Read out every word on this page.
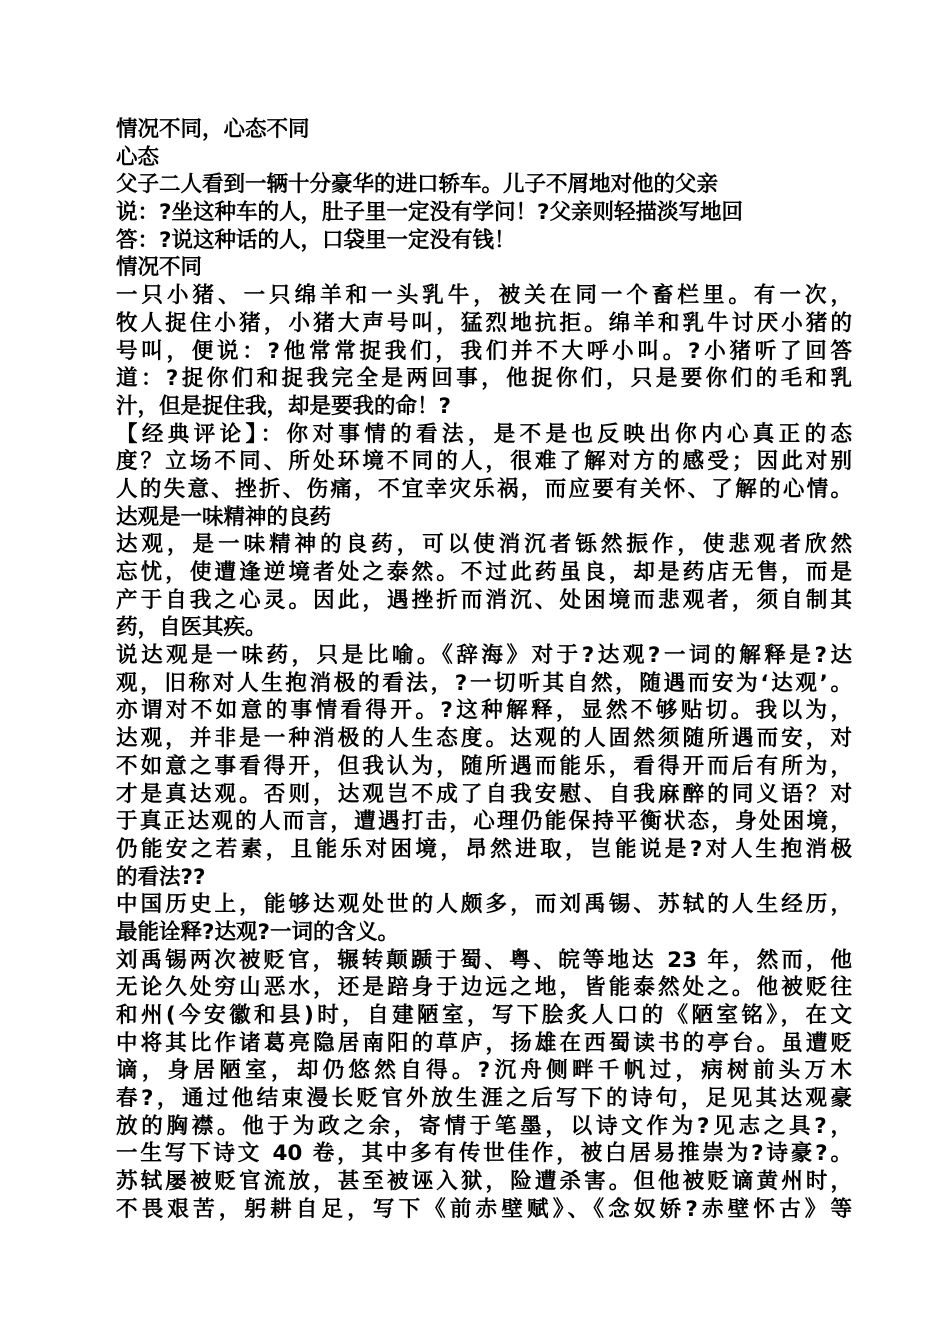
情况不同，心态不同
心态
父子二人看到一辆十分豪华的进口轿车。儿子不屑地对他的父亲
说：?坐这种车的人，肚子里一定没有学问！?父亲则轻描淡写地回
答：?说这种话的人，口袋里一定没有钱！
情况不同
一只小猪、一只绵羊和一头乳牛，被关在同一个畜栏里。有一次，
牧人捉住小猪，小猪大声号叫，猛烈地抗拒。绵羊和乳牛讨厌小猪的
号叫，便说：?他常常捉我们，我们并不大呼小叫。?小猪听了回答
道：?捉你们和捉我完全是两回事，他捉你们，只是要你们的毛和乳
汁，但是捉住我，却是要我的命！?
【经典评论】：你对事情的看法，是不是也反映出你内心真正的态
度？立场不同、所处环境不同的人，很难了解对方的感受；因此对别
人的失意、挫折、伤痛，不宜幸灾乐祸，而应要有关怀、了解的心情。
达观是一味精神的良药
达观，是一味精神的良药，可以使消沉者铄然振作，使悲观者欣然
忘忧，使遭逢逆境者处之泰然。不过此药虽良，却是药店无售，而是
产于自我之心灵。因此，遇挫折而消沉、处困境而悲观者，须自制其
药，自医其疾。
说达观是一味药，只是比喻。《辞海》对于?达观?一词的解释是?达
观，旧称对人生抱消极的看法，?一切听其自然，随遇而安为‘达观’。
亦谓对不如意的事情看得开。?这种解释，显然不够贴切。我以为，
达观，并非是一种消极的人生态度。达观的人固然须随所遇而安，对
不如意之事看得开，但我认为，随所遇而能乐，看得开而后有所为，
才是真达观。否则，达观岂不成了自我安慰、自我麻醉的同义语？对
于真正达观的人而言，遭遇打击，心理仍能保持平衡状态，身处困境，
仍能安之若素，且能乐对困境，昂然进取，岂能说是?对人生抱消极
的看法??
中国历史上，能够达观处世的人颇多，而刘禹锡、苏轼的人生经历，
最能诠释?达观?一词的含义。
刘禹锡两次被贬官，辗转颠踬于蜀、粤、皖等地达 23 年，然而，他
无论久处穷山恶水，还是踣身于边远之地，皆能泰然处之。他被贬往
和州(今安徽和县)时，自建陋室，写下脍炙人口的《陋室铭》，在文
中将其比作诸葛亮隐居南阳的草庐，扬雄在西蜀读书的亭台。虽遭贬
谪，身居陋室，却仍悠然自得。?沉舟侧畔千帆过，病树前头万木
春?，通过他结束漫长贬官外放生涯之后写下的诗句，足见其达观豪
放的胸襟。他于为政之余，寄情于笔墨，以诗文作为?见志之具?，
一生写下诗文 40 卷，其中多有传世佳作，被白居易推崇为?诗豪?。
苏轼屡被贬官流放，甚至被诬入狱，险遭杀害。但他被贬谪黄州时，
不畏艰苦，躬耕自足，写下《前赤壁赋》、《念奴娇?赤壁怀古》等
